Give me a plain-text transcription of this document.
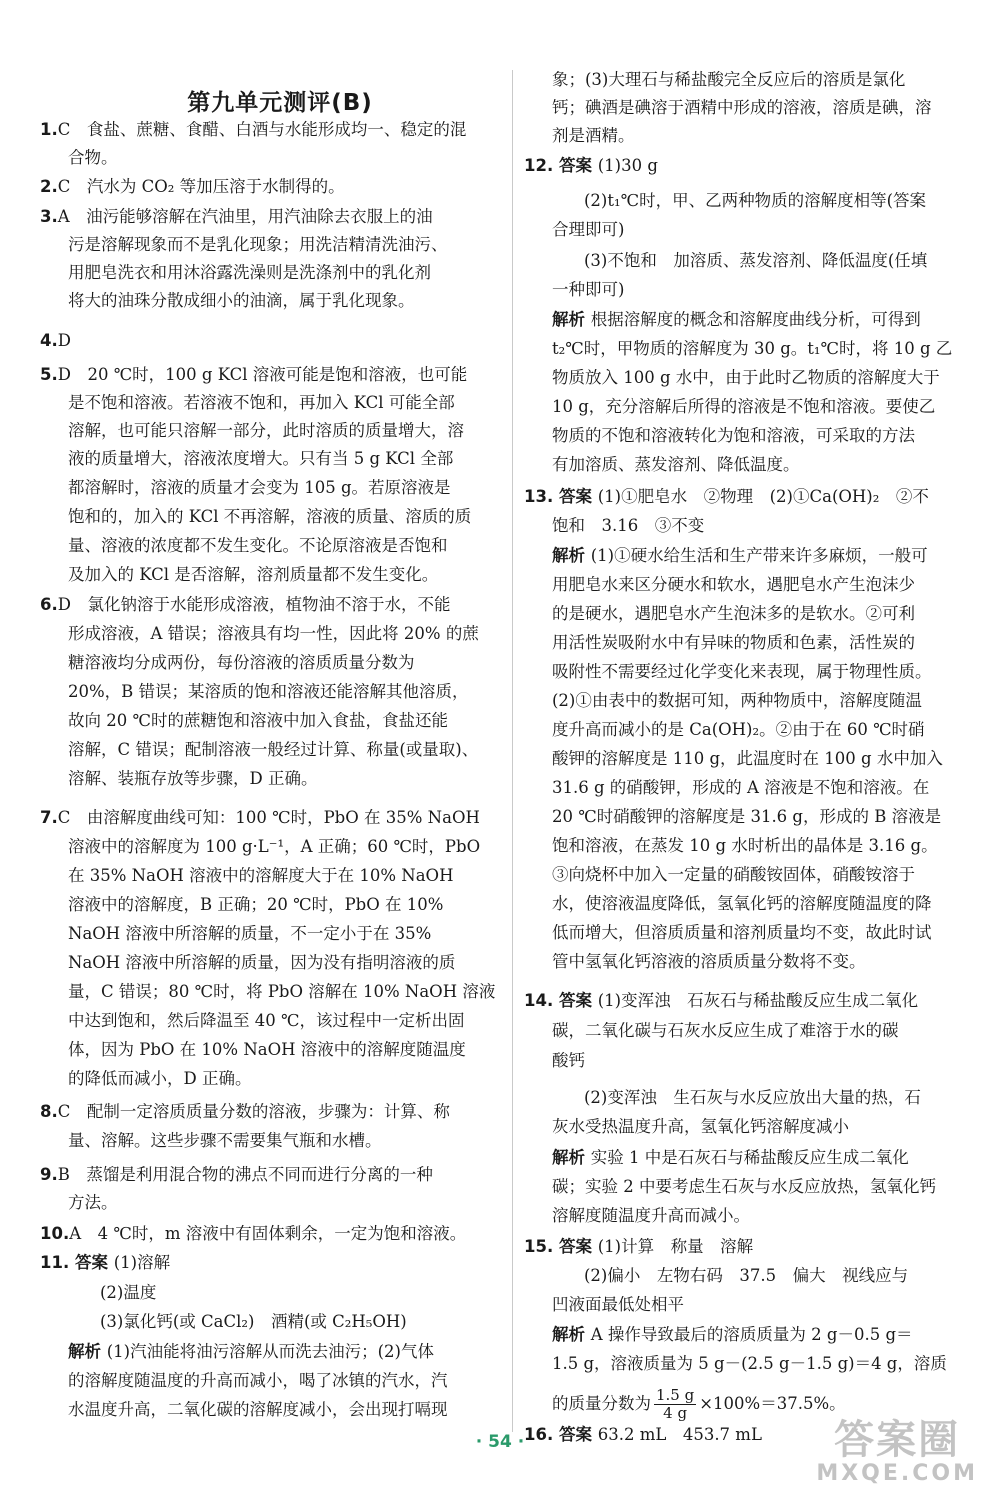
第九单元测评(B)
1.C　食盐、蔗糖、食醋、白酒与水能形成均一、稳定的混
合物。
2.C　汽水为 CO₂ 等加压溶于水制得的。
3.A　油污能够溶解在汽油里，用汽油除去衣服上的油
污是溶解现象而不是乳化现象；用洗洁精清洗油污、
用肥皂洗衣和用沐浴露洗澡则是洗涤剂中的乳化剂
将大的油珠分散成细小的油滴，属于乳化现象。
4.D
5.D　20 ℃时，100 g KCl 溶液可能是饱和溶液，也可能
是不饱和溶液。若溶液不饱和，再加入 KCl 可能全部
溶解，也可能只溶解一部分，此时溶质的质量增大，溶
液的质量增大，溶液浓度增大。只有当 5 g KCl 全部
都溶解时，溶液的质量才会变为 105 g。若原溶液是
饱和的，加入的 KCl 不再溶解，溶液的质量、溶质的质
量、溶液的浓度都不发生变化。不论原溶液是否饱和
及加入的 KCl 是否溶解，溶剂质量都不发生变化。
6.D　氯化钠溶于水能形成溶液，植物油不溶于水，不能
形成溶液，A 错误；溶液具有均一性，因此将 20% 的蔗
糖溶液均分成两份，每份溶液的溶质质量分数为
20%，B 错误；某溶质的饱和溶液还能溶解其他溶质，
故向 20 ℃时的蔗糖饱和溶液中加入食盐，食盐还能
溶解，C 错误；配制溶液一般经过计算、称量(或量取)、
溶解、装瓶存放等步骤，D 正确。
7.C　由溶解度曲线可知：100 ℃时，PbO 在 35% NaOH
溶液中的溶解度为 100 g·L⁻¹，A 正确；60 ℃时，PbO
在 35% NaOH 溶液中的溶解度大于在 10% NaOH
溶液中的溶解度，B 正确；20 ℃时，PbO 在 10%
NaOH 溶液中所溶解的质量，不一定小于在 35%
NaOH 溶液中所溶解的质量，因为没有指明溶液的质
量，C 错误；80 ℃时，将 PbO 溶解在 10% NaOH 溶液
中达到饱和，然后降温至 40 ℃，该过程中一定析出固
体，因为 PbO 在 10% NaOH 溶液中的溶解度随温度
的降低而减小，D 正确。
8.C　配制一定溶质质量分数的溶液，步骤为：计算、称
量、溶解。这些步骤不需要集气瓶和水槽。
9.B　蒸馏是利用混合物的沸点不同而进行分离的一种
方法。
10.A　4 ℃时，m 溶液中有固体剩余，一定为饱和溶液。
11. 答案 (1)溶解
(2)温度
(3)氯化钙(或 CaCl₂)　酒精(或 C₂H₅OH)
解析 (1)汽油能将油污溶解从而洗去油污；(2)气体
的溶解度随温度的升高而减小，喝了冰镇的汽水，汽
水温度升高，二氧化碳的溶解度减小，会出现打嗝现
象；(3)大理石与稀盐酸完全反应后的溶质是氯化
钙；碘酒是碘溶于酒精中形成的溶液，溶质是碘，溶
剂是酒精。
12. 答案 (1)30 g
(2)t₁℃时，甲、乙两种物质的溶解度相等(答案
合理即可)
(3)不饱和　加溶质、蒸发溶剂、降低温度(任填
一种即可)
解析 根据溶解度的概念和溶解度曲线分析，可得到
t₂℃时，甲物质的溶解度为 30 g。t₁℃时，将 10 g 乙
物质放入 100 g 水中，由于此时乙物质的溶解度大于
10 g，充分溶解后所得的溶液是不饱和溶液。要使乙
物质的不饱和溶液转化为饱和溶液，可采取的方法
有加溶质、蒸发溶剂、降低温度。
13. 答案 (1)①肥皂水　②物理　(2)①Ca(OH)₂　②不
饱和　3.16　③不变
解析 (1)①硬水给生活和生产带来许多麻烦，一般可
用肥皂水来区分硬水和软水，遇肥皂水产生泡沫少
的是硬水，遇肥皂水产生泡沫多的是软水。②可利
用活性炭吸附水中有异味的物质和色素，活性炭的
吸附性不需要经过化学变化来表现，属于物理性质。
(2)①由表中的数据可知，两种物质中，溶解度随温
度升高而减小的是 Ca(OH)₂。②由于在 60 ℃时硝
酸钾的溶解度是 110 g，此温度时在 100 g 水中加入
31.6 g 的硝酸钾，形成的 A 溶液是不饱和溶液。在
20 ℃时硝酸钾的溶解度是 31.6 g，形成的 B 溶液是
饱和溶液，在蒸发 10 g 水时析出的晶体是 3.16 g。
③向烧杯中加入一定量的硝酸铵固体，硝酸铵溶于
水，使溶液温度降低，氢氧化钙的溶解度随温度的降
低而增大，但溶质质量和溶剂质量均不变，故此时试
管中氢氧化钙溶液的溶质质量分数将不变。
14. 答案 (1)变浑浊　石灰石与稀盐酸反应生成二氧化
碳，二氧化碳与石灰水反应生成了难溶于水的碳
酸钙
(2)变浑浊　生石灰与水反应放出大量的热，石
灰水受热温度升高，氢氧化钙溶解度减小
解析 实验 1 中是石灰石与稀盐酸反应生成二氧化
碳；实验 2 中要考虑生石灰与水反应放热，氢氧化钙
溶解度随温度升高而减小。
15. 答案 (1)计算　称量　溶解
(2)偏小　左物右码　37.5　偏大　视线应与
凹液面最低处相平
解析 A 操作导致最后的溶质质量为 2 g－0.5 g＝
1.5 g，溶液质量为 5 g－(2.5 g－1.5 g)＝4 g，溶质
的质量分数为 $\frac{1.5 g}{4 g} \times 100\%=37.5\%$。
16. 答案 63.2 mL　453.7 mL
· 54 ·	答案圈
MXQE.COM
